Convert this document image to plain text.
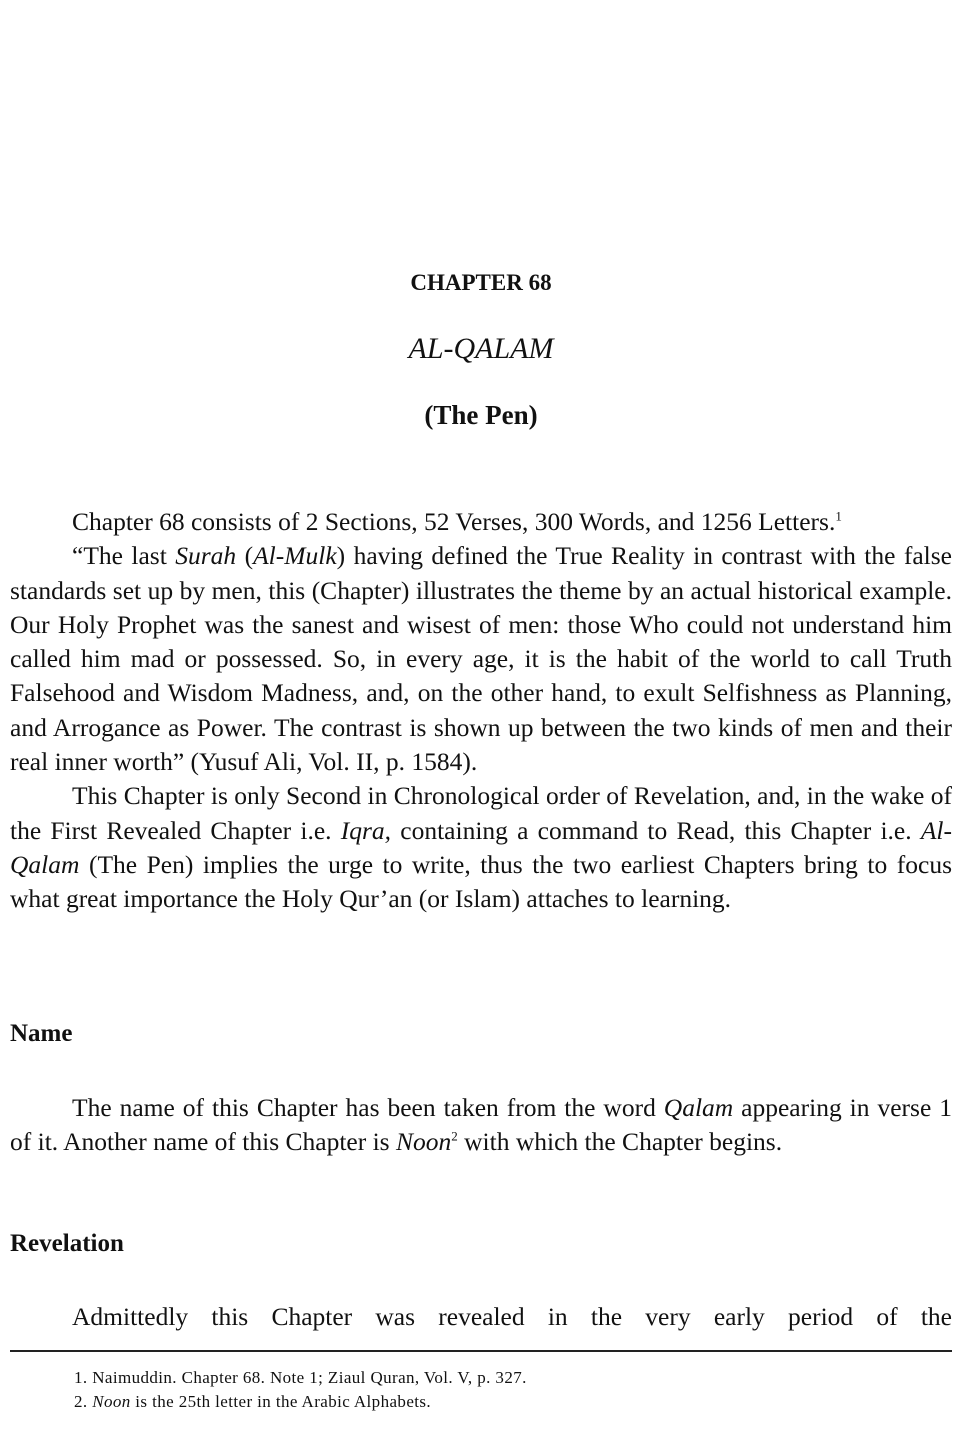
CHAPTER 68
AL-QALAM
(The Pen)

Chapter 68 consists of 2 Sections, 52 Verses, 300 Words, and 1256 Letters.$^1$

“The last Surah (Al-Mulk) having defined the True Reality in contrast with the false standards set up by men, this (Chapter) illustrates the theme by an actual historical example. Our Holy Prophet was the sanest and wisest of men: those Who could not understand him called him mad or possessed. So, in every age, it is the habit of the world to call Truth Falsehood and Wisdom Madness, and, on the other hand, to exult Selfishness as Planning, and Arrogance as Power. The contrast is shown up between the two kinds of men and their real inner worth” (Yusuf Ali, Vol. II, p. 1584).

This Chapter is only Second in Chronological order of Revelation, and, in the wake of the First Revealed Chapter i.e. Iqra, containing a command to Read, this Chapter i.e. Al-Qalam (The Pen) implies the urge to write, thus the two earliest Chapters bring to focus what great importance the Holy Qur’an (or Islam) attaches to learning.

Name

The name of this Chapter has been taken from the word Qalam appearing in verse 1 of it. Another name of this Chapter is Noon$^2$ with which the Chapter begins.

Revelation

Admittedly this Chapter was revealed in the very early period of the

1. Naimuddin. Chapter 68. Note 1; Ziaul Quran, Vol. V, p. 327.
2. Noon is the 25th letter in the Arabic Alphabets.
